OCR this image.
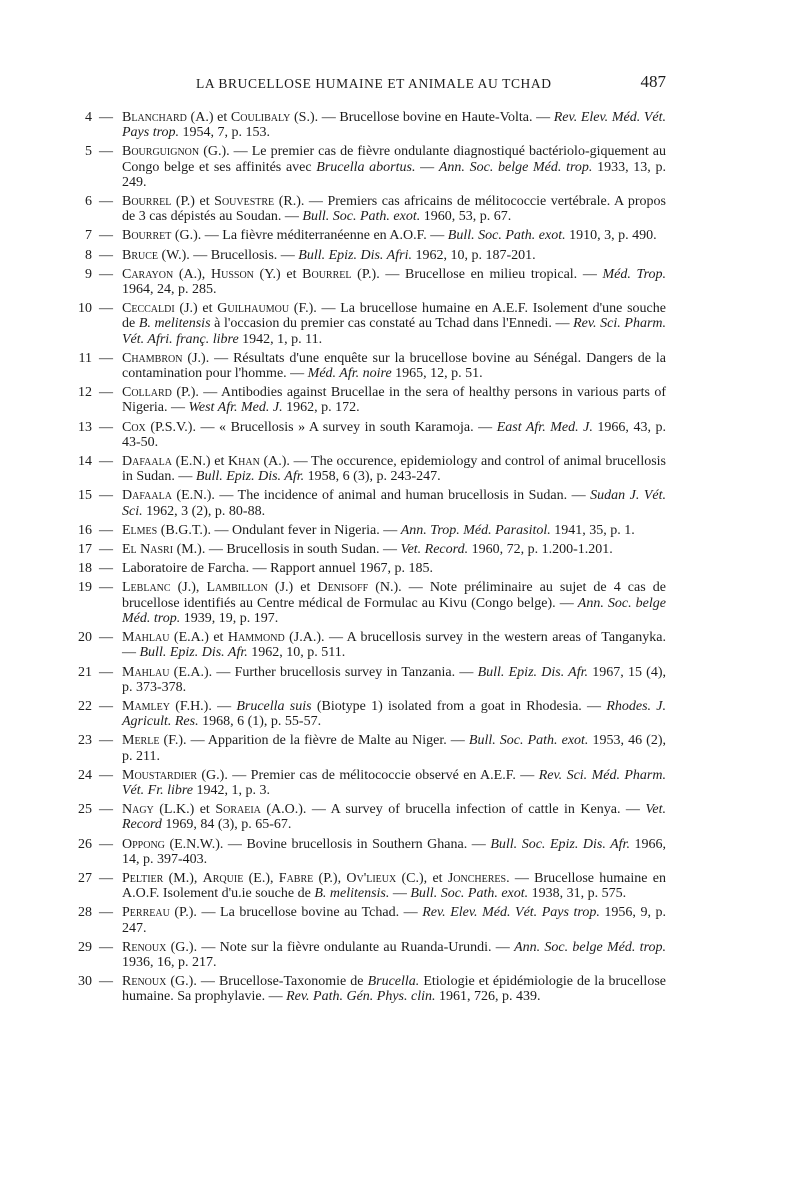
LA BRUCELLOSE HUMAINE ET ANIMALE AU TCHAD	487
4 — Blanchard (A.) et Coulibaly (S.). — Brucellose bovine en Haute-Volta. — Rev. Elev. Méd. Vét. Pays trop. 1954, 7, p. 153.
5 — Bourguignon (G.). — Le premier cas de fièvre ondulante diagnostiqué bactériolo-giquement au Congo belge et ses affinités avec Brucella abortus. — Ann. Soc. belge Méd. trop. 1933, 13, p. 249.
6 — Bourrel (P.) et Souvestre (R.). — Premiers cas africains de mélitococcie vertébrale. A propos de 3 cas dépistés au Soudan. — Bull. Soc. Path. exot. 1960, 53, p. 67.
7 — Bourret (G.). — La fièvre méditerranéenne en A.O.F. — Bull. Soc. Path. exot. 1910, 3, p. 490.
8 — Bruce (W.). — Brucellosis. — Bull. Epiz. Dis. Afri. 1962, 10, p. 187-201.
9 — Carayon (A.), Husson (Y.) et Bourrel (P.). — Brucellose en milieu tropical. — Méd. Trop. 1964, 24, p. 285.
10 — Ceccaldi (J.) et Guilhaumou (F.). — La brucellose humaine en A.E.F. Isolement d'une souche de B. melitensis à l'occasion du premier cas constaté au Tchad dans l'Ennedi. — Rev. Sci. Pharm. Vét. Afri. franç. libre 1942, 1, p. 11.
11 — Chambron (J.). — Résultats d'une enquête sur la brucellose bovine au Sénégal. Dangers de la contamination pour l'homme. — Méd. Afr. noire 1965, 12, p. 51.
12 — Collard (P.). — Antibodies against Brucellae in the sera of healthy persons in various parts of Nigeria. — West Afr. Med. J. 1962, p. 172.
13 — Cox (P.S.V.). — « Brucellosis » A survey in south Karamoja. — East Afr. Med. J. 1966, 43, p. 43-50.
14 — Dafaala (E.N.) et Khan (A.). — The occurence, epidemiology and control of animal brucellosis in Sudan. — Bull. Epiz. Dis. Afr. 1958, 6 (3), p. 243-247.
15 — Dafaala (E.N.). — The incidence of animal and human brucellosis in Sudan. — Sudan J. Vét. Sci. 1962, 3 (2), p. 80-88.
16 — Elmes (B.G.T.). — Ondulant fever in Nigeria. — Ann. Trop. Méd. Parasitol. 1941, 35, p. 1.
17 — El Nasri (M.). — Brucellosis in south Sudan. — Vet. Record. 1960, 72, p. 1.200-1.201.
18 — Laboratoire de Farcha. — Rapport annuel 1967, p. 185.
19 — Leblanc (J.), Lambillon (J.) et Denisoff (N.). — Note préliminaire au sujet de 4 cas de brucellose identifiés au Centre médical de Formulac au Kivu (Congo belge). — Ann. Soc. belge Méd. trop. 1939, 19, p. 197.
20 — Mahlau (E.A.) et Hammond (J.A.). — A brucellosis survey in the western areas of Tanganyka. — Bull. Epiz. Dis. Afr. 1962, 10, p. 511.
21 — Mahlau (E.A.). — Further brucellosis survey in Tanzania. — Bull. Epiz. Dis. Afr. 1967, 15 (4), p. 373-378.
22 — Mamley (F.H.). — Brucella suis (Biotype 1) isolated from a goat in Rhodesia. — Rhodes. J. Agricult. Res. 1968, 6 (1), p. 55-57.
23 — Merle (F.). — Apparition de la fièvre de Malte au Niger. — Bull. Soc. Path. exot. 1953, 46 (2), p. 211.
24 — Moustardier (G.). — Premier cas de mélitococcie observé en A.E.F. — Rev. Sci. Méd. Pharm. Vét. Fr. libre 1942, 1, p. 3.
25 — Nagy (L.K.) et Soraeia (A.O.). — A survey of brucella infection of cattle in Kenya. — Vet. Record 1969, 84 (3), p. 65-67.
26 — Oppong (E.N.W.). — Bovine brucellosis in Southern Ghana. — Bull. Soc. Epiz. Dis. Afr. 1966, 14, p. 397-403.
27 — Peltier (M.), Arquie (E.), Fabre (P.), Ov'lieux (C.), et Joncheres. — Brucellose humaine en A.O.F. Isolement d'u.ie souche de B. melitensis. — Bull. Soc. Path. exot. 1938, 31, p. 575.
28 — Perreau (P.). — La brucellose bovine au Tchad. — Rev. Elev. Méd. Vét. Pays trop. 1956, 9, p. 247.
29 — Renoux (G.). — Note sur la fièvre ondulante au Ruanda-Urundi. — Ann. Soc. belge Méd. trop. 1936, 16, p. 217.
30 — Renoux (G.). — Brucellose-Taxonomie de Brucella. Etiologie et épidémiologie de la brucellose humaine. Sa prophylavie. — Rev. Path. Gén. Phys. clin. 1961, 726, p. 439.
